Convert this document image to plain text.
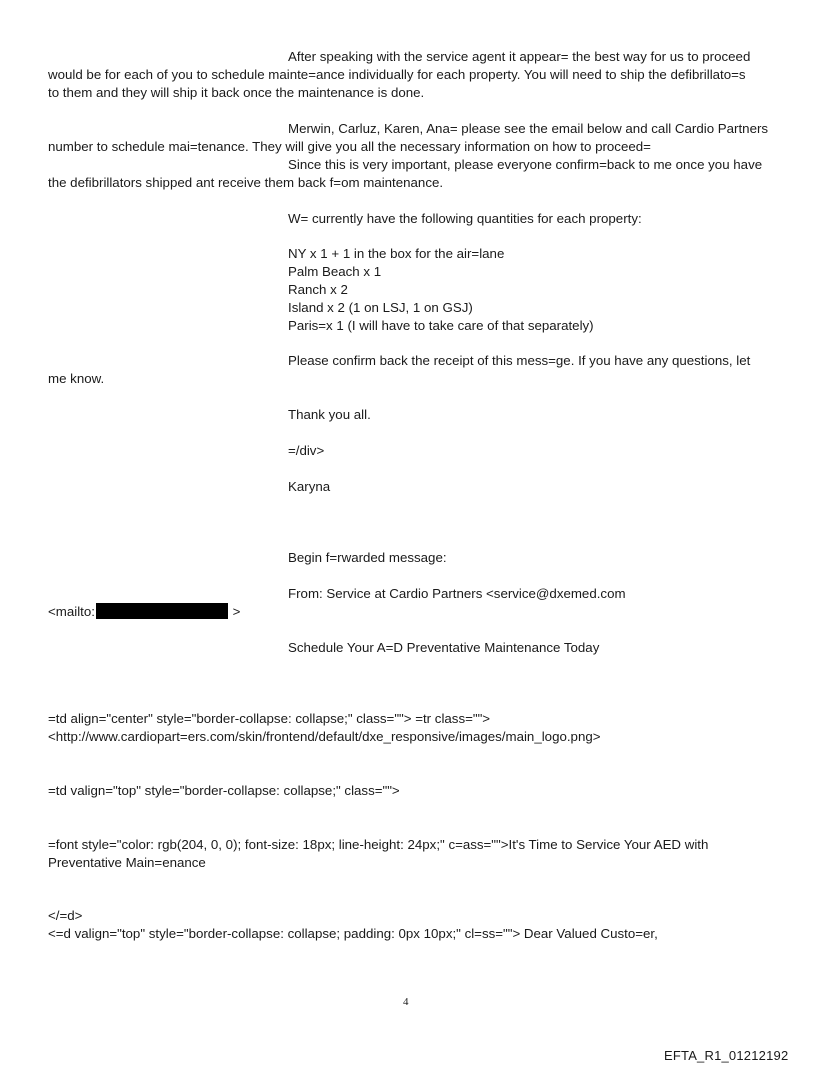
After speaking with the service agent it appear= the best way for us to proceed
would be for each of you to schedule mainte=ance individually for each property. You will need to ship the defibrillato=s
to them and they will ship it back once the maintenance is done.
Merwin, Carluz, Karen, Ana= please see the email below and call Cardio Partners
number to schedule mai=tenance. They will give you all the necessary information on how to proceed=
Since this is very important, please everyone confirm=back to me once you have
the defibrillators shipped ant receive them back f=om maintenance.
W= currently have the following quantities for each property:
NY x 1 + 1 in the box for the air=lane
Palm Beach x 1
Ranch x 2
Island x 2 (1 on LSJ, 1 on GSJ)
Paris=x 1 (I will have to take care of that separately)
Please confirm back the receipt of this mess=ge. If you have any questions, let
me know.
Thank you all.
=/div>
Karyna
Begin f=rwarded message:
From: Service at Cardio Partners <service@dxemed.com
<mailto:	>
Schedule Your A=D Preventative Maintenance Today
=td align="center" style="border-collapse: collapse;" class=""> =tr class="">
<http://www.cardiopart=ers.com/skin/frontend/default/dxe_responsive/images/main_logo.png>
=td valign="top" style="border-collapse: collapse;" class="">
=font style="color: rgb(204, 0, 0); font-size: 18px; line-height: 24px;" c=ass="">It's Time to Service Your AED with
Preventative Main=enance
</=d>
<=d valign="top" style="border-collapse: collapse; padding: 0px 10px;" cl=ss=""> Dear Valued Custo=er,
4
EFTA_R1_01212192
